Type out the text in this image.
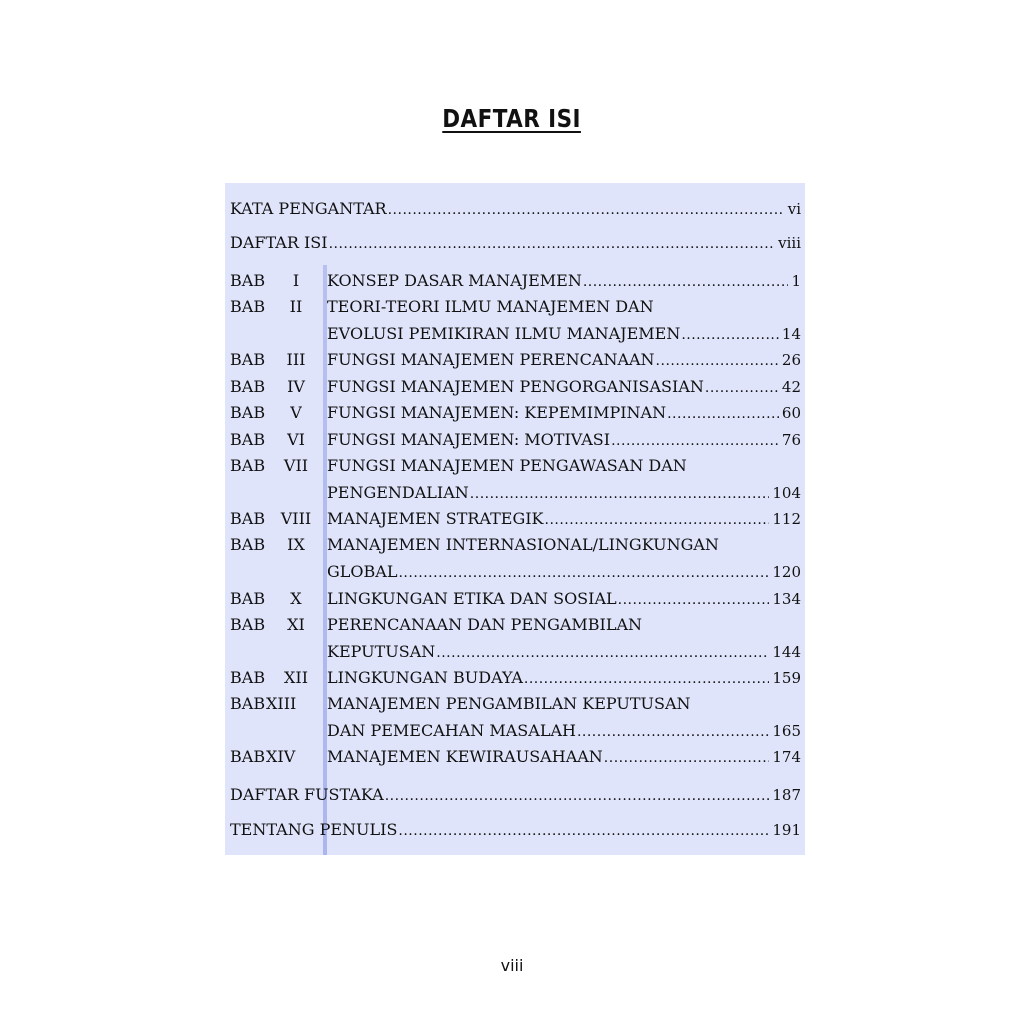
DAFTAR ISI
KATA PENGANTAR .....	vi
DAFTAR ISI .....	viii
BAB	I	KONSEP DASAR MANAJEMEN .....	1
BAB	II	TEORI-TEORI ILMU MANAJEMEN DAN
EVOLUSI PEMIKIRAN ILMU MANAJEMEN .....	14
BAB	III	FUNGSI MANAJEMEN PERENCANAAN .....	26
BAB	IV	FUNGSI MANAJEMEN PENGORGANISASIAN .....	42
BAB	V	FUNGSI MANAJEMEN: KEPEMIMPINAN .....	60
BAB	VI	FUNGSI MANAJEMEN: MOTIVASI .....	76
BAB	VII	FUNGSI MANAJEMEN PENGAWASAN DAN
PENGENDALIAN .....	104
BAB VIII MANAJEMEN STRATEGIK .....	112
BAB	IX	MANAJEMEN INTERNASIONAL/LINGKUNGAN
GLOBAL .....	120
BAB	X	LINGKUNGAN ETIKA DAN SOSIAL .....	134
BAB	XI	PERENCANAAN DAN PENGAMBILAN
KEPUTUSAN .....	144
BAB	XII	LINGKUNGAN BUDAYA .....	159
BAB XIII MANAJEMEN PENGAMBILAN KEPUTUSAN
DAN PEMECAHAN MASALAH .....	165
BAB XIV MANAJEMEN KEWIRAUSAHAAN .....	174
DAFTAR FUSTAKA .....	187
TENTANG PENULIS .....	191
viii
